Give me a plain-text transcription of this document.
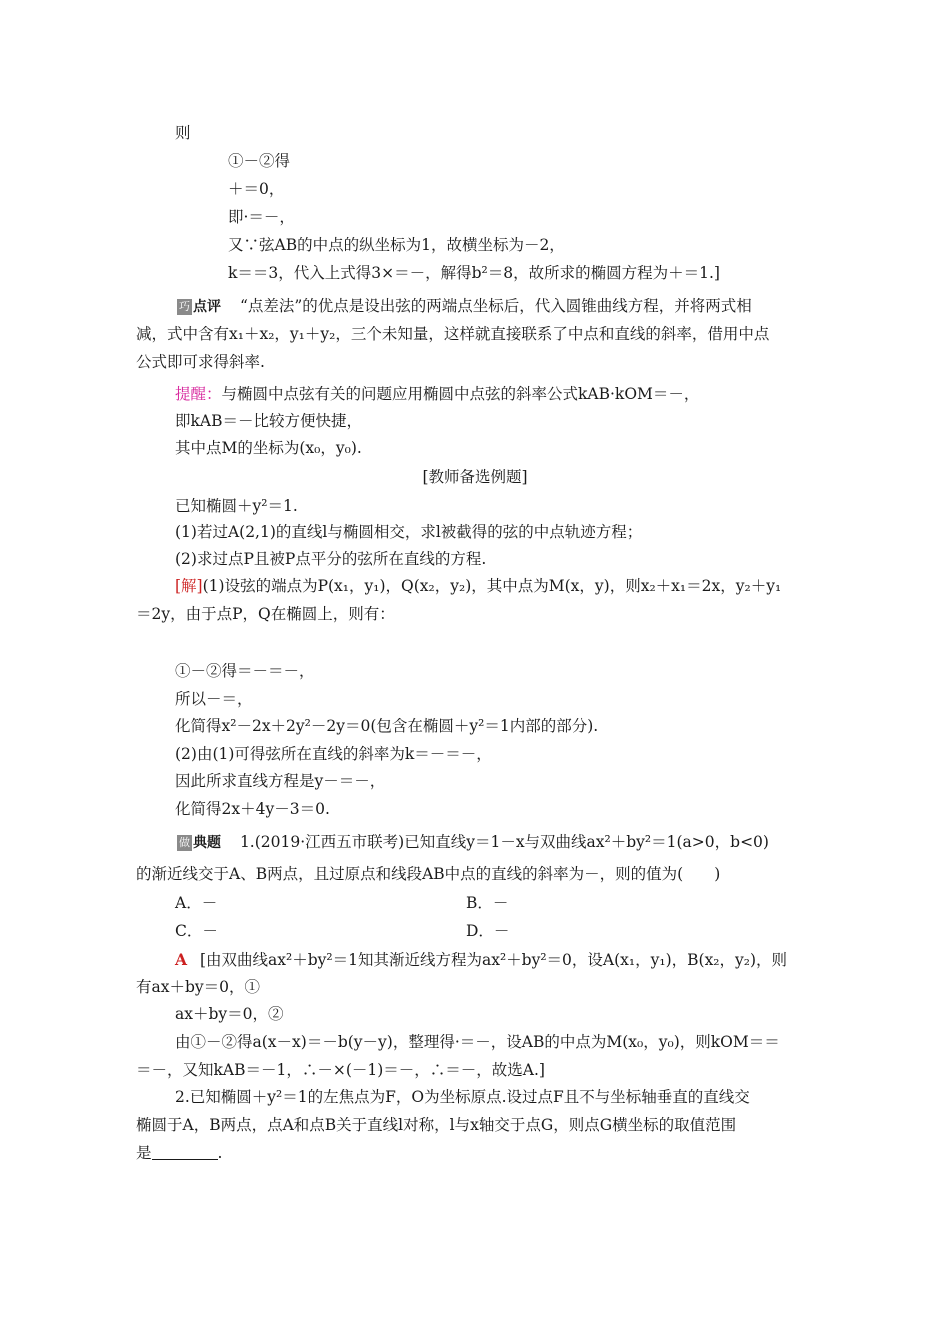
则
①－②得
＋＝0，
即·＝－，
又∵弦AB的中点的纵坐标为1，故横坐标为－2，
k＝＝3，代入上式得3×＝－，解得b²＝8，故所求的椭圆方程为＋＝1.]
巧 点评 “点差法”的优点是设出弦的两端点坐标后，代入圆锥曲线方程，并将两式相
减，式中含有x₁＋x₂，y₁＋y₂，三个未知量，这样就直接联系了中点和直线的斜率，借用中点
公式即可求得斜率.
提醒：与椭圆中点弦有关的问题应用椭圆中点弦的斜率公式kAB·kOM＝－，
即kAB＝－比较方便快捷，
其中点M的坐标为(x₀，y₀).
[教师备选例题]
已知椭圆＋y²＝1.
(1)若过A(2,1)的直线l与椭圆相交，求l被截得的弦的中点轨迹方程；
(2)求过点P且被P点平分的弦所在直线的方程.
[解](1)设弦的端点为P(x₁，y₁)，Q(x₂，y₂)，其中点为M(x，y)，则x₂＋x₁＝2x，y₂＋y₁
＝2y，由于点P，Q在椭圆上，则有：
①－②得＝－＝－，
所以－＝，
化简得x²－2x＋2y²－2y＝0(包含在椭圆＋y²＝1内部的部分).
(2)由(1)可得弦所在直线的斜率为k＝－＝－，
因此所求直线方程是y－＝－，
化简得2x＋4y－3＝0.
做 典题 1.(2019·江西五市联考)已知直线y＝1－x与双曲线ax²＋by²＝1(a>0，b<0)
的渐近线交于A、B两点，且过原点和线段AB中点的直线的斜率为－，则的值为(　　)
A．－	B．－
C．－	D．－
A [由双曲线ax²＋by²＝1知其渐近线方程为ax²＋by²＝0，设A(x₁，y₁)，B(x₂，y₂)，则
有ax＋by＝0，①
ax＋by＝0，②
由①－②得a(x－x)＝－b(y－y)，整理得·＝－，设AB的中点为M(x₀，y₀)，则kOM＝＝
＝－，又知kAB＝－1，∴－×(－1)＝－，∴＝－，故选A.]
2.已知椭圆＋y²＝1的左焦点为F，O为坐标原点.设过点F且不与坐标轴垂直的直线交
椭圆于A，B两点，点A和点B关于直线l对称，l与x轴交于点G，则点G横坐标的取值范围
是	.
